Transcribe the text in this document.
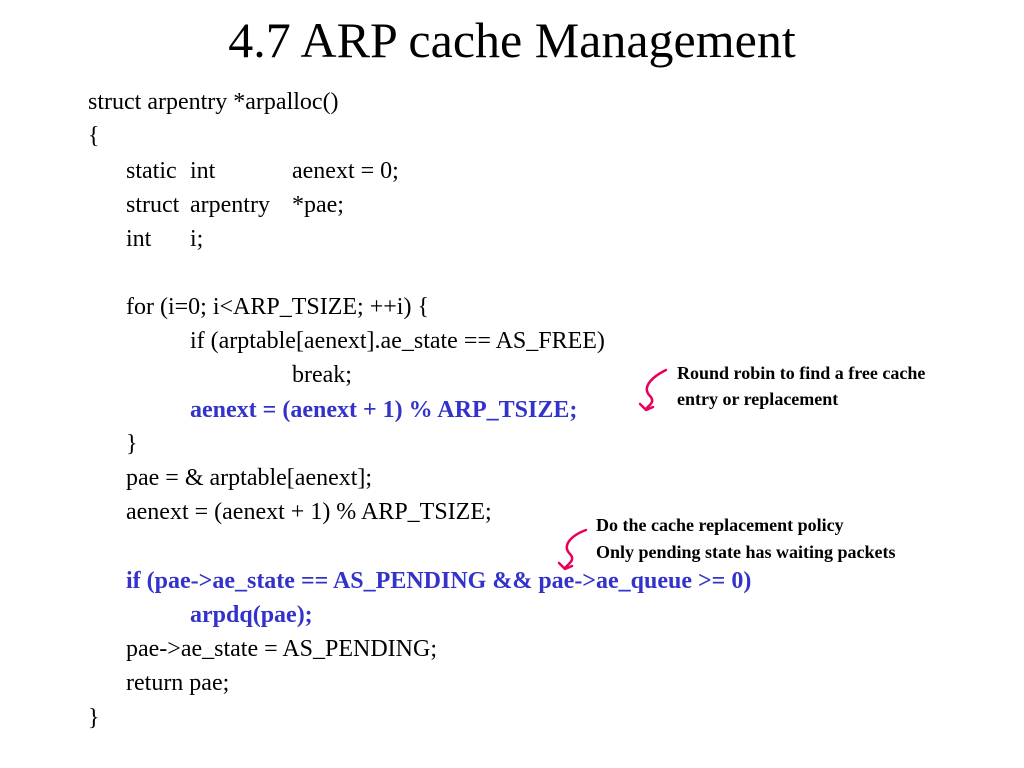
4.7 ARP cache Management
struct arpentry *arpalloc()
{
static int	aenext = 0;
struct arpentry *pae;
int i;
for (i=0; i<ARP_TSIZE; ++i) {
if (arptable[aenext].ae_state == AS_FREE)
break;
aenext = (aenext + 1) % ARP_TSIZE;
}
pae = & arptable[aenext];
aenext = (aenext + 1) % ARP_TSIZE;
if (pae->ae_state == AS_PENDING && pae->ae_queue >= 0)
arpdq(pae);
pae->ae_state = AS_PENDING;
return pae;
}
Round robin to find a free cache
entry or replacement
Do the cache replacement policy
Only pending state has waiting packets
